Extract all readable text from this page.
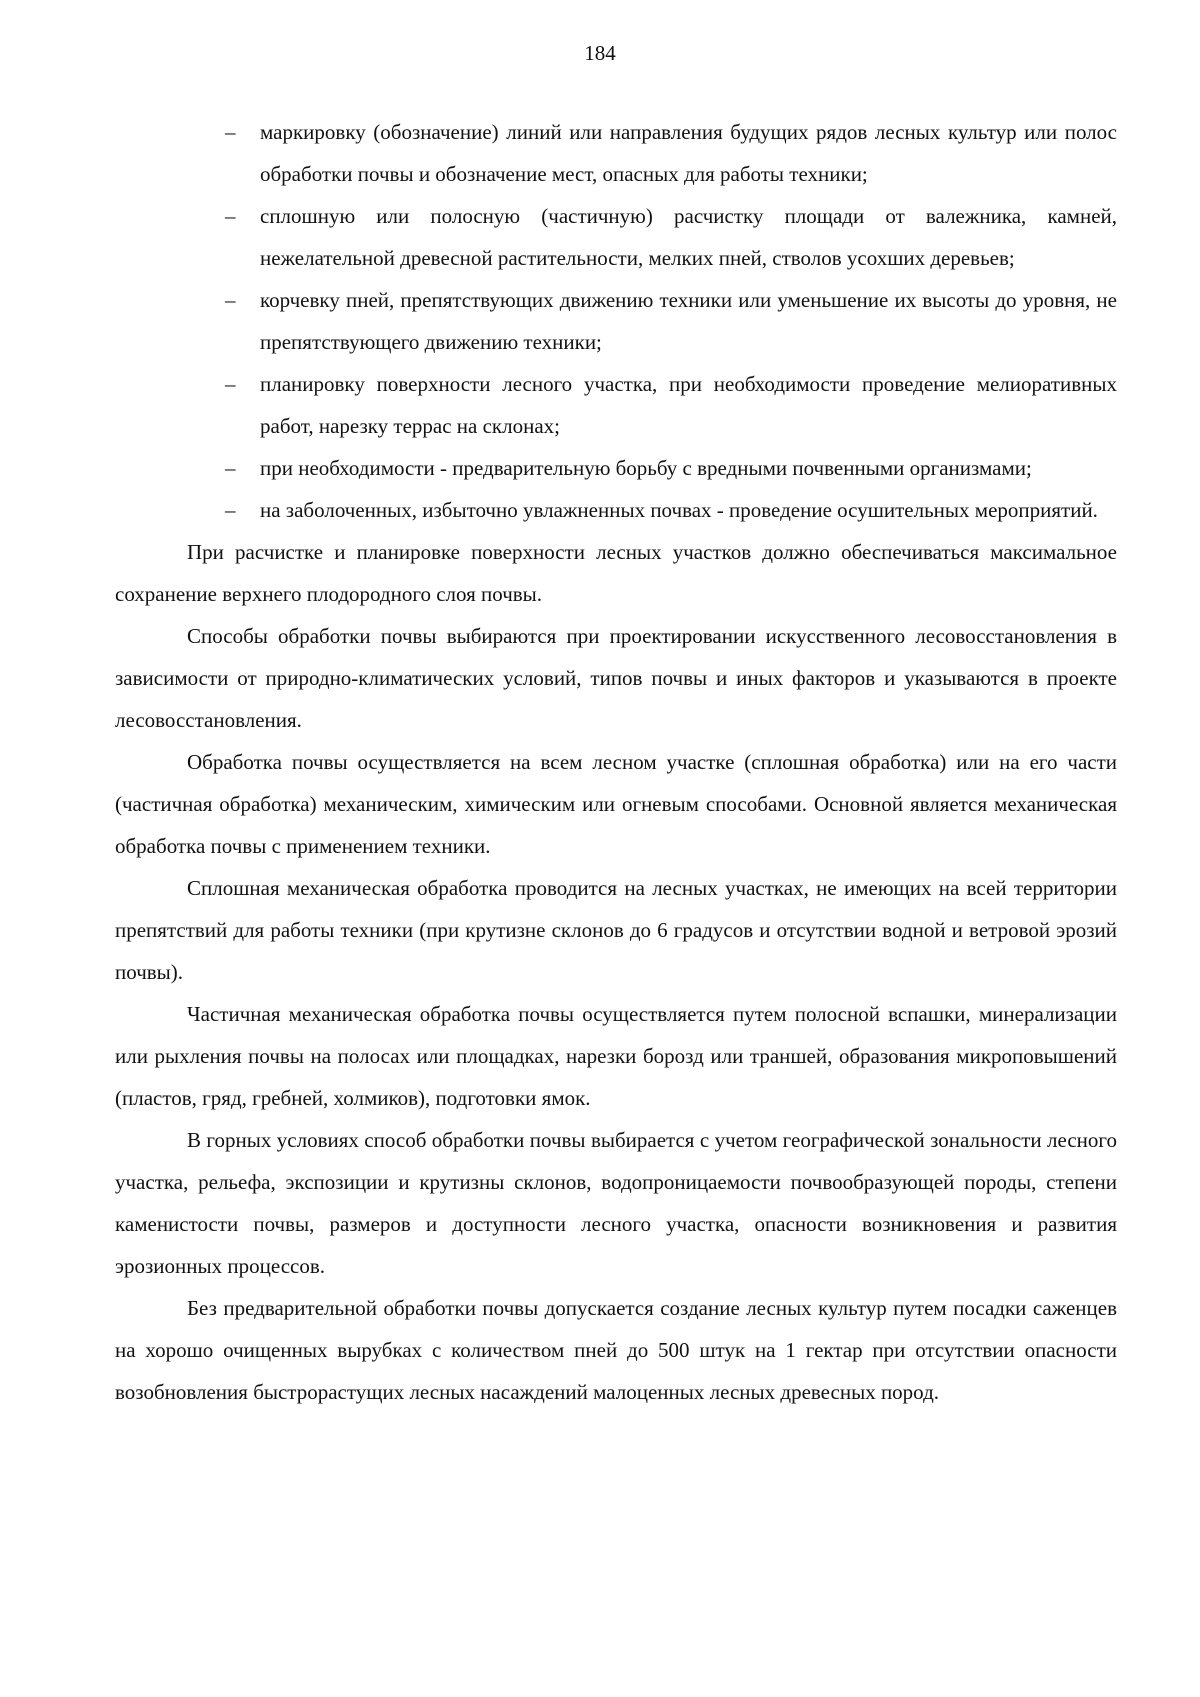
184
– маркировку (обозначение) линий или направления будущих рядов лесных культур или полос обработки почвы и обозначение мест, опасных для работы техники;
– сплошную или полосную (частичную) расчистку площади от валежника, камней, нежелательной древесной растительности, мелких пней, стволов усохших деревьев;
– корчевку пней, препятствующих движению техники или уменьшение их высоты до уровня, не препятствующего движению техники;
– планировку поверхности лесного участка, при необходимости проведение мелиоративных работ, нарезку террас на склонах;
– при необходимости - предварительную борьбу с вредными почвенными организмами;
– на заболоченных, избыточно увлажненных почвах - проведение осушительных мероприятий.

При расчистке и планировке поверхности лесных участков должно обеспечиваться максимальное сохранение верхнего плодородного слоя почвы.

Способы обработки почвы выбираются при проектировании искусственного лесовосстановления в зависимости от природно-климатических условий, типов почвы и иных факторов и указываются в проекте лесовосстановления.

Обработка почвы осуществляется на всем лесном участке (сплошная обработка) или на его части (частичная обработка) механическим, химическим или огневым способами. Основной является механическая обработка почвы с применением техники.

Сплошная механическая обработка проводится на лесных участках, не имеющих на всей территории препятствий для работы техники (при крутизне склонов до 6 градусов и отсутствии водной и ветровой эрозий почвы).

Частичная механическая обработка почвы осуществляется путем полосной вспашки, минерализации или рыхления почвы на полосах или площадках, нарезки борозд или траншей, образования микроповышений (пластов, гряд, гребней, холмиков), подготовки ямок.

В горных условиях способ обработки почвы выбирается с учетом географической зональности лесного участка, рельефа, экспозиции и крутизны склонов, водопроницаемости почвообразующей породы, степени каменистости почвы, размеров и доступности лесного участка, опасности возникновения и развития эрозионных процессов.

Без предварительной обработки почвы допускается создание лесных культур путем посадки саженцев на хорошо очищенных вырубках с количеством пней до 500 штук на 1 гектар при отсутствии опасности возобновления быстрорастущих лесных насаждений малоценных лесных древесных пород.
